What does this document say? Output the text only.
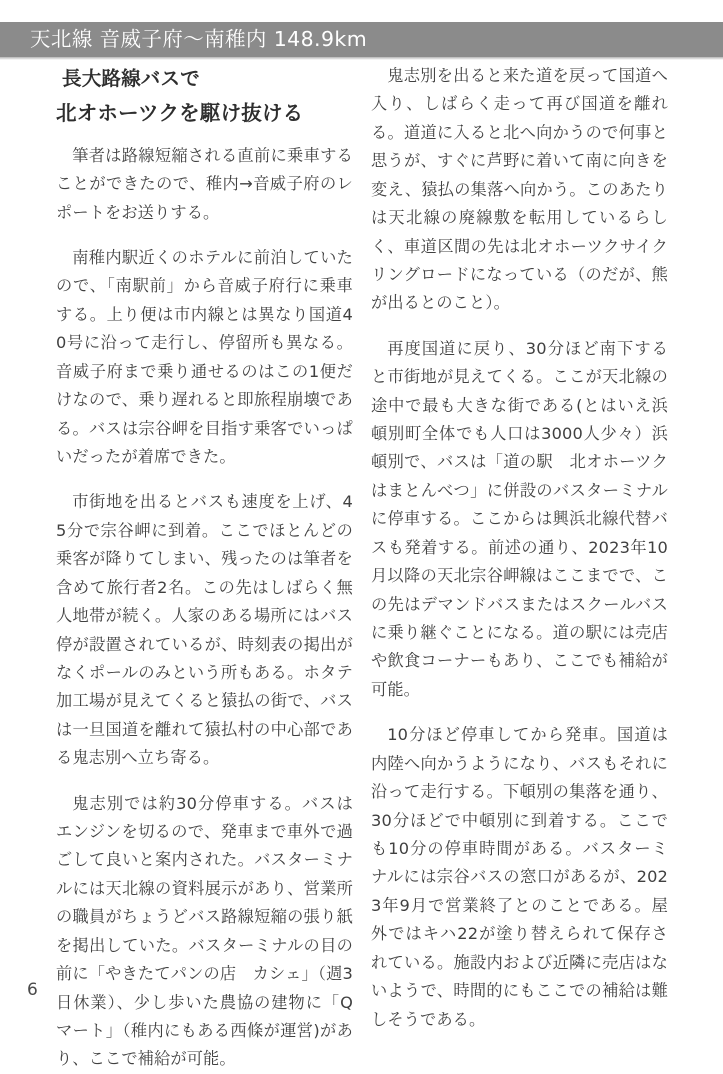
天北線 音威子府～南稚内 148.9km
長大路線バスで
北オホーツクを駆け抜ける

筆者は路線短縮される直前に乗車することができたので、稚内→音威子府のレポートをお送りする。

南稚内駅近くのホテルに前泊していたので、「南駅前」から音威子府行に乗車する。上り便は市内線とは異なり国道40号に沿って走行し、停留所も異なる。音威子府まで乗り通せるのはこの1便だけなので、乗り遅れると即旅程崩壊である。バスは宗谷岬を目指す乗客でいっぱいだったが着席できた。

市街地を出るとバスも速度を上げ、45分で宗谷岬に到着。ここでほとんどの乗客が降りてしまい、残ったのは筆者を含めて旅行者2名。この先はしばらく無人地帯が続く。人家のある場所にはバス停が設置されているが、時刻表の掲出がなくポールのみという所もある。ホタテ加工場が見えてくると猿払の街で、バスは一旦国道を離れて猿払村の中心部である鬼志別へ立ち寄る。

鬼志別では約30分停車する。バスはエンジンを切るので、発車まで車外で過ごして良いと案内された。バスターミナルには天北線の資料展示があり、営業所の職員がちょうどバス路線短縮の張り紙を掲出していた。バスターミナルの目の前に「やきたてパンの店　カシェ」（週3日休業）、少し歩いた農協の建物に「Qマート」（稚内にもある西條が運営)があり、ここで補給が可能。

鬼志別を出ると来た道を戻って国道へ入り、しばらく走って再び国道を離れる。道道に入ると北へ向かうので何事と思うが、すぐに芦野に着いて南に向きを変え、猿払の集落へ向かう。このあたりは天北線の廃線敷を転用しているらしく、車道区間の先は北オホーツクサイクリングロードになっている（のだが、熊が出るとのこと）。

再度国道に戻り、30分ほど南下すると市街地が見えてくる。ここが天北線の途中で最も大きな街である(とはいえ浜頓別町全体でも人口は3000人少々）浜頓別で、バスは「道の駅　北オホーツクはまとんべつ」に併設のバスターミナルに停車する。ここからは興浜北線代替バスも発着する。前述の通り、2023年10月以降の天北宗谷岬線はここまでで、この先はデマンドバスまたはスクールバスに乗り継ぐことになる。道の駅には売店や飲食コーナーもあり、ここでも補給が可能。

10分ほど停車してから発車。国道は内陸へ向かうようになり、バスもそれに沿って走行する。下頓別の集落を通り、30分ほどで中頓別に到着する。ここでも10分の停車時間がある。バスターミナルには宗谷バスの窓口があるが、2023年9月で営業終了とのことである。屋外ではキハ22が塗り替えられて保存されている。施設内および近隣に売店はないようで、時間的にもここでの補給は難しそうである。

6
